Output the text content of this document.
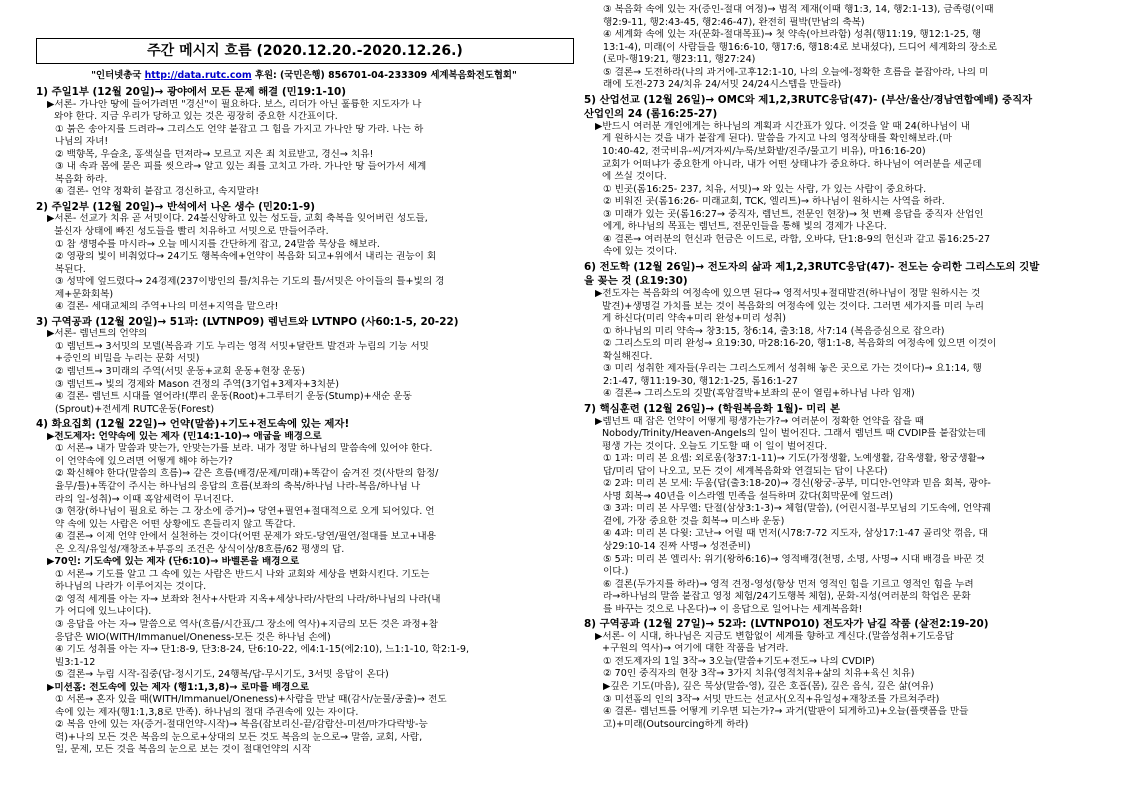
주간 메시지 흐름 (2020.12.20.-2020.12.26.)
"인터넷총국 http://data.rutc.com 후원: (국민은행) 856701-04-233309 세계복음화전도협회"
1) 주일1부 (12월 20일)→ 광야에서 모든 문제 해결 (민19:1-10)
▶서론- 가나안 땅에 들어가려면 "경신"이 필요하다. 보스, 리더가 아닌 훌륭한 지도자가 나
와야 한다. 지금 우리가 당하고 있는 것은 굉장히 중요한 시간표이다.
① 붉은 송아지를 드려라→ 그리스도 언약 붙잡고 그 힘을 가지고 가나안 땅 가라. 나는 하
나님의 자녀!
② 백향목, 우슬초, 홍색실을 던져라→ 모르고 지은 죄 치료받고, 경신→ 치유!
③ 내 속과 몸에 묻은 피를 씻으라→ 알고 있는 죄를 고치고 가라. 가나안 땅 들어가서 세계
복음화 하라.
④ 결론- 언약 정확히 붙잡고 경신하고, 속지말라!
2) 주일2부 (12월 20일)→ 반석에서 나온 생수 (민20:1-9)
▶서론- 선교가 치유 곧 서밋이다. 24불신앙하고 있는 성도들, 교회 축복을 잊어버린 성도들,
불신자 상태에 빠진 성도들을 빨리 치유하고 서밋으로 만들어주라.
① 참 생명수를 마시라→ 오늘 메시지를 간단하게 잡고, 24말씀 묵상을 해보라.
② 영광의 빛이 비춰었다→ 24기도 행복속에+언약이 복음화 되고+위에서 내리는 권능이 회
복된다.
③ 성막에 엎드렸다→ 24경제(237이방인의 틀/치유는 기도의 틀/서밋은 아이들의 틀+빛의 경
제+문화회복)
④ 결론- 세대교체의 주역+나의 미션+지역을 맡으라!
3) 구역공과 (12월 20일)→ 51과: (LVTNPO9) 렘넌트와 LVTNPO (사60:1-5, 20-22)
▶서론- 렘넌트의 언약의
① 렘넌트→ 3서밋의 모델(복음과 기도 누리는 영적 서밋+달란트 발견과 누림의 기능 서밋
+증인의 비밀을 누리는 문화 서밋)
② 렘넌트→ 3미래의 주역(서밋 운동+교회 운동+현장 운동)
③ 렘넌트→ 빛의 경제와 Mason 견정의 주역(3기업+3제자+3치분)
④ 결론- 렘넌트 시대를 열어라!(뿌리 운동(Root)+그루터기 운동(Stump)+새순 운동
(Sprout)+전세계 RUTC운동(Forest)
4) 화요집회 (12월 22일)→ 언약(말씀)+기도+전도속에 있는 제자!
▶전도제자: 언약속에 있는 제자 (민14:1-10)→ 애굽을 배경으로
① 서론→ 내가 말씀과 맞는가, 안맞는가를 보라. 내가 정말 하나님의 말씀속에 있어야 한다.
이 언약속에 있으려면 어떻게 해야 하는가?
② 확신해야 한다(말씀의 흐름)→ 같은 흐름(배경/문제/미래)+똑같이 숨겨진 것(사탄의 함정/
율무/틀)+똑같이 주시는 하나님의 응답의 흐름(보좌의 축복/하나님 나라-복음/하나님 나
라의 일-성취)→ 이때 흑암세력이 무너진다.
③ 현장(하나님이 필요로 하는 그 장소에 증거)→ 당연+필연+절대적으로 오게 되어있다. 언
약 속에 있는 사람은 어떤 상황에도 흔들리지 않고 똑같다.
④ 결론→ 이제 언약 안에서 실천하는 것이다(어떤 문제가 와도-당연/필연/절대를 보고+내용
은 오직/유일성/재창조+부흥의 조건은 상식이상/8흐름/62 평생의 답.
▶70인: 기도속에 있는 제자 (단6:10)→ 바벨론을 배경으로
① 서론→ 기도를 알고 그 속에 있는 사람은 반드시 나와 교회와 세상을 변화시킨다. 기도는
하나님의 나라가 이루어지는 것이다.
② 영적 세계를 아는 자→ 보좌와 천사+사탄과 지옥+세상나라/사탄의 나라/하나님의 나라(내
가 어디에 있느냐이다).
③ 응답을 아는 자→ 말씀으로 역사(흐름/시간표/그 장소에 역사)+지금의 모든 것은 과정+참
응답은 WIO(WITH/Immanuel/Oneness-모든 것은 하나님 손에)
④ 기도 성취를 아는 자→ 단1:8-9, 단3:8-24, 단6:10-22, 에4:1-15(에2:10), 느1:1-10, 학2:1-9,
빌3:1-12
⑤ 결론→ 누림 시작-집중(답-정시기도, 24행복/답-무시기도, 3서밋 응답이 온다)
▶미션홈: 전도속에 있는 제자 (행1:1,3,8)→ 로마를 배경으로
① 서론→ 혼자 있을 때(WITH/Immanuel/Oneness)+사람을 만날 때(감사/눈물/공출)→ 전도
속에 있는 제자(행1:1,3,8로 만족). 하나님의 절대 주권속에 있는 자이다.
② 복음 안에 있는 자(증거-절대언약-시작)→ 복음(잡보리신-끝/감람산-미션/마가다락방-능
력)+나의 모든 것은 복음의 눈으로+상대의 모든 것도 복음의 눈으로→ 말씀, 교회, 사람,
일, 문제, 모든 것을 복음의 눈으로 보는 것이 절대언약의 시작
③ 복음화 속에 있는 자(증인-절대 여정)→ 범적 제재(이때 행1:3, 14, 행2:1-13), 금족령(이때
행2:9-11, 행2:43-45, 행2:46-47), 완전히 필박(만남의 축복)
④ 세계화 속에 있는 자(문화-절대목표)→ 첫 약속(아브라함) 성취(행11:19, 행12:1-25, 행
13:1-4), 미래(이 사람들을 행16:6-10, 행17:6, 행18:4로 보내셨다), 드디어 세계화의 장소로
(로마-행19:21, 행23:11, 행27:24)
⑤ 결론→ 도전하라(나의 과거에-고후12:1-10, 나의 오늘에-정확한 흐름을 붙잡아라, 나의 미
래에 도전-273 24/치유 24/서밋 24/24시스템을 만들라)
5) 산업선교 (12월 26일)→ OMC와 제1,2,3RUTC응답(47)- (부산/울산/경남연합예배) 중직자
산업인의 24 (롬16:25-27)
▶반드시 여러분 개인에게는 하나님의 계획과 시간표가 있다. 이것을 알 때 24(하나님이 내
게 원하시는 것을 내가 붙잡게 된다). 말씀을 가지고 나의 영적상태를 확인해보라.(마
10:40-42, 전국비유-씨/겨자씨/누룩/보화밭/진주/물고기 비유), 마16:16-20)
교회가 어떠냐가 중요한게 아니라, 내가 어떤 상태냐가 중요하다. 하나님이 여러분을 세군데
에 쓰실 것이다.
① 빈곳(롬16:25- 237, 치유, 서밋)→ 와 있는 사람, 가 있는 사람이 중요하다.
② 비워진 곳(롬16:26- 미래교회, TCK, 엘리트)→ 하나님이 원하시는 사역을 하라.
③ 미래가 있는 곳(롬16:27→ 중직자, 렘넌트, 전문인 현장)→ 첫 번째 응답을 중직자 산업인
에게, 하나님의 목표는 렘넌트, 전문인들을 통해 빛의 경제가 나온다.
④ 결론→ 여러분의 헌신과 헌금은 이드로, 라합, 오바댜, 단1:8-9의 헌신과 같고 롬16:25-27
속에 있는 것이다.
6) 전도학 (12월 26일)→ 전도자의 삶과 제1,2,3RUTC응답(47)- 전도는 승리한 그리스도의 깃발
을 꽂는 것 (요19:30)
▶전도자는 복음화의 여정속에 있으면 된다→ 영적서밋+절대발견(하나님이 정말 원하시는 것
발견)+생명걸 가치를 보는 것이 복음화의 여정속에 있는 것이다. 그러면 세가지를 미리 누리
게 하신다(미리 약속+미리 완성+미리 성취)
① 하나님의 미리 약속→ 창3:15, 창6:14, 출3:18, 사7:14 (복음증심으로 잡으라)
② 그리스도의 미리 완성→ 요19:30, 마28:16-20, 행1:1-8, 복음화의 여정속에 있으면 이것이
확실해진다.
③ 미리 성취한 제자들(우리는 그리스도께서 성취해 놓은 곳으로 가는 것이다)→ 요1:14, 행
2:1-47, 행11:19-30, 행12:1-25, 롬16:1-27
④ 결론→ 그리스도의 깃발(흑암결박+보좌의 문이 열림+하나님 나라 임재)
7) 핵심훈련 (12월 26일)→ (학원복음화 1월)- 미리 본
▶렘넌트 때 잡은 언약이 어떻게 평생가는가?→ 여러분이 정확한 언약을 잡을 때
Nobody/Trinity/Heaven-Angels의 일이 벌어진다. 그래서 렘넌트 때 CVDIP를 붙잡았는데
평생 가는 것이다. 오늘도 기도할 때 이 일이 벌어진다.
① 1과: 미리 본 요셉: 외로움(창37:1-11)→ 기도(가정생활, 노예생활, 감옥생활, 왕궁생활→
답/미리 답이 나오고, 모든 것이 세계복음화와 연결되는 답이 나온다)
② 2과: 미리 본 모세: 두움(답(출3:18-20)→ 경신(왕궁-공부, 미디안-언약과 믿음 회복, 광야-
사명 회복→ 40년을 이스라엘 민족을 설득하며 갔다(회막문에 엎드려)
③ 3과: 미리 본 사무엘: 단절(삼상3:1-3)→ 체험(말씀), (어린시절-부모님의 기도속에, 언약궤
곁에, 가장 중요한 것을 회복→ 미스바 운동)
④ 4과: 미리 본 다윗: 고난→ 어릴 때 먼저(시78:7-72 지도자, 삼상17:1-47 골리앗 꺾음, 대
상29:10-14 진짜 사명→ 성전준비)
⑤ 5과: 미리 본 엘리사: 위기(왕하6:16)→ 영적배경(천명, 소명, 사명→ 시대 배경을 바꾼 것
이다.)
⑥ 결론(두가지를 하라)→ 영적 견정-영성(항상 먼저 영적인 힘을 기르고 영적인 힘을 누려
라→하나님의 말씀 붙잡고 영정 체험/24기도행복 체험), 문화-지성(여러분의 학업은 문화
를 바꾸는 것으로 나온다)→ 이 응답으로 일어나는 세계복음화!
8) 구역공과 (12월 27일)→ 52과: (LVTNPO10) 전도자가 남길 작품 (살전2:19-20)
▶서론- 이 시대, 하나님은 지금도 변함없이 세계를 향하고 계신다.(말씀성취+기도응답
+구원의 역사)→ 여기에 대한 작품을 남겨라.
① 전도제자의 1일 3작→ 3오늘(말씀+기도+전도→ 나의 CVDIP)
② 70인 중직자의 현장 3작→ 3가지 치유(영적치유+삶의 치유+육신 치유)
▶깊은 기도(마음), 깊은 묵상(말씀-영), 깊은 호흡(몸), 깊은 음식, 깊은 삶(여유)
③ 미션홈의 인의 3작→ 서밋 만드는 선교사(오직+유일성+재창조를 가르쳐주라)
④ 결론- 렘넌트를 어떻게 키우면 되는가?→ 과거(발판이 되게하고)+오늘(플랫폼을 만들
고)+미래(Outsourcing하게 하라)
